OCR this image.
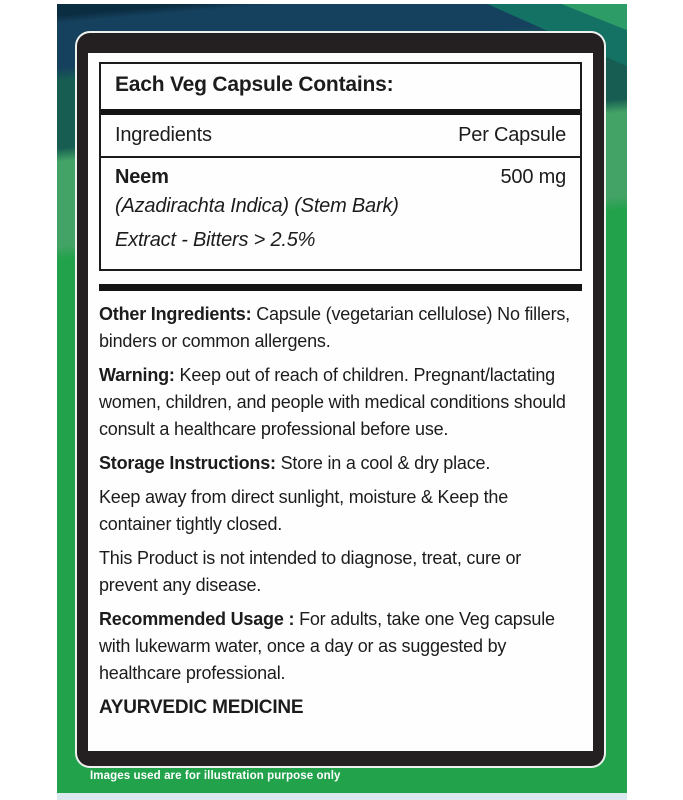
Each Veg Capsule Contains:
Ingredients	Per Capsule
Neem	500 mg
(Azadirachta Indica) (Stem Bark)
Extract - Bitters > 2.5%

Other Ingredients: Capsule (vegetarian cellulose) No fillers, binders or common allergens.

Warning: Keep out of reach of children. Pregnant/lactating women, children, and people with medical conditions should consult a healthcare professional before use.

Storage Instructions: Store in a cool & dry place.

Keep away from direct sunlight, moisture & Keep the container tightly closed.

This Product is not intended to diagnose, treat, cure or prevent any disease.

Recommended Usage : For adults, take one Veg capsule with lukewarm water, once a day or as suggested by healthcare professional.

AYURVEDIC MEDICINE

Images used are for illustration purpose only
